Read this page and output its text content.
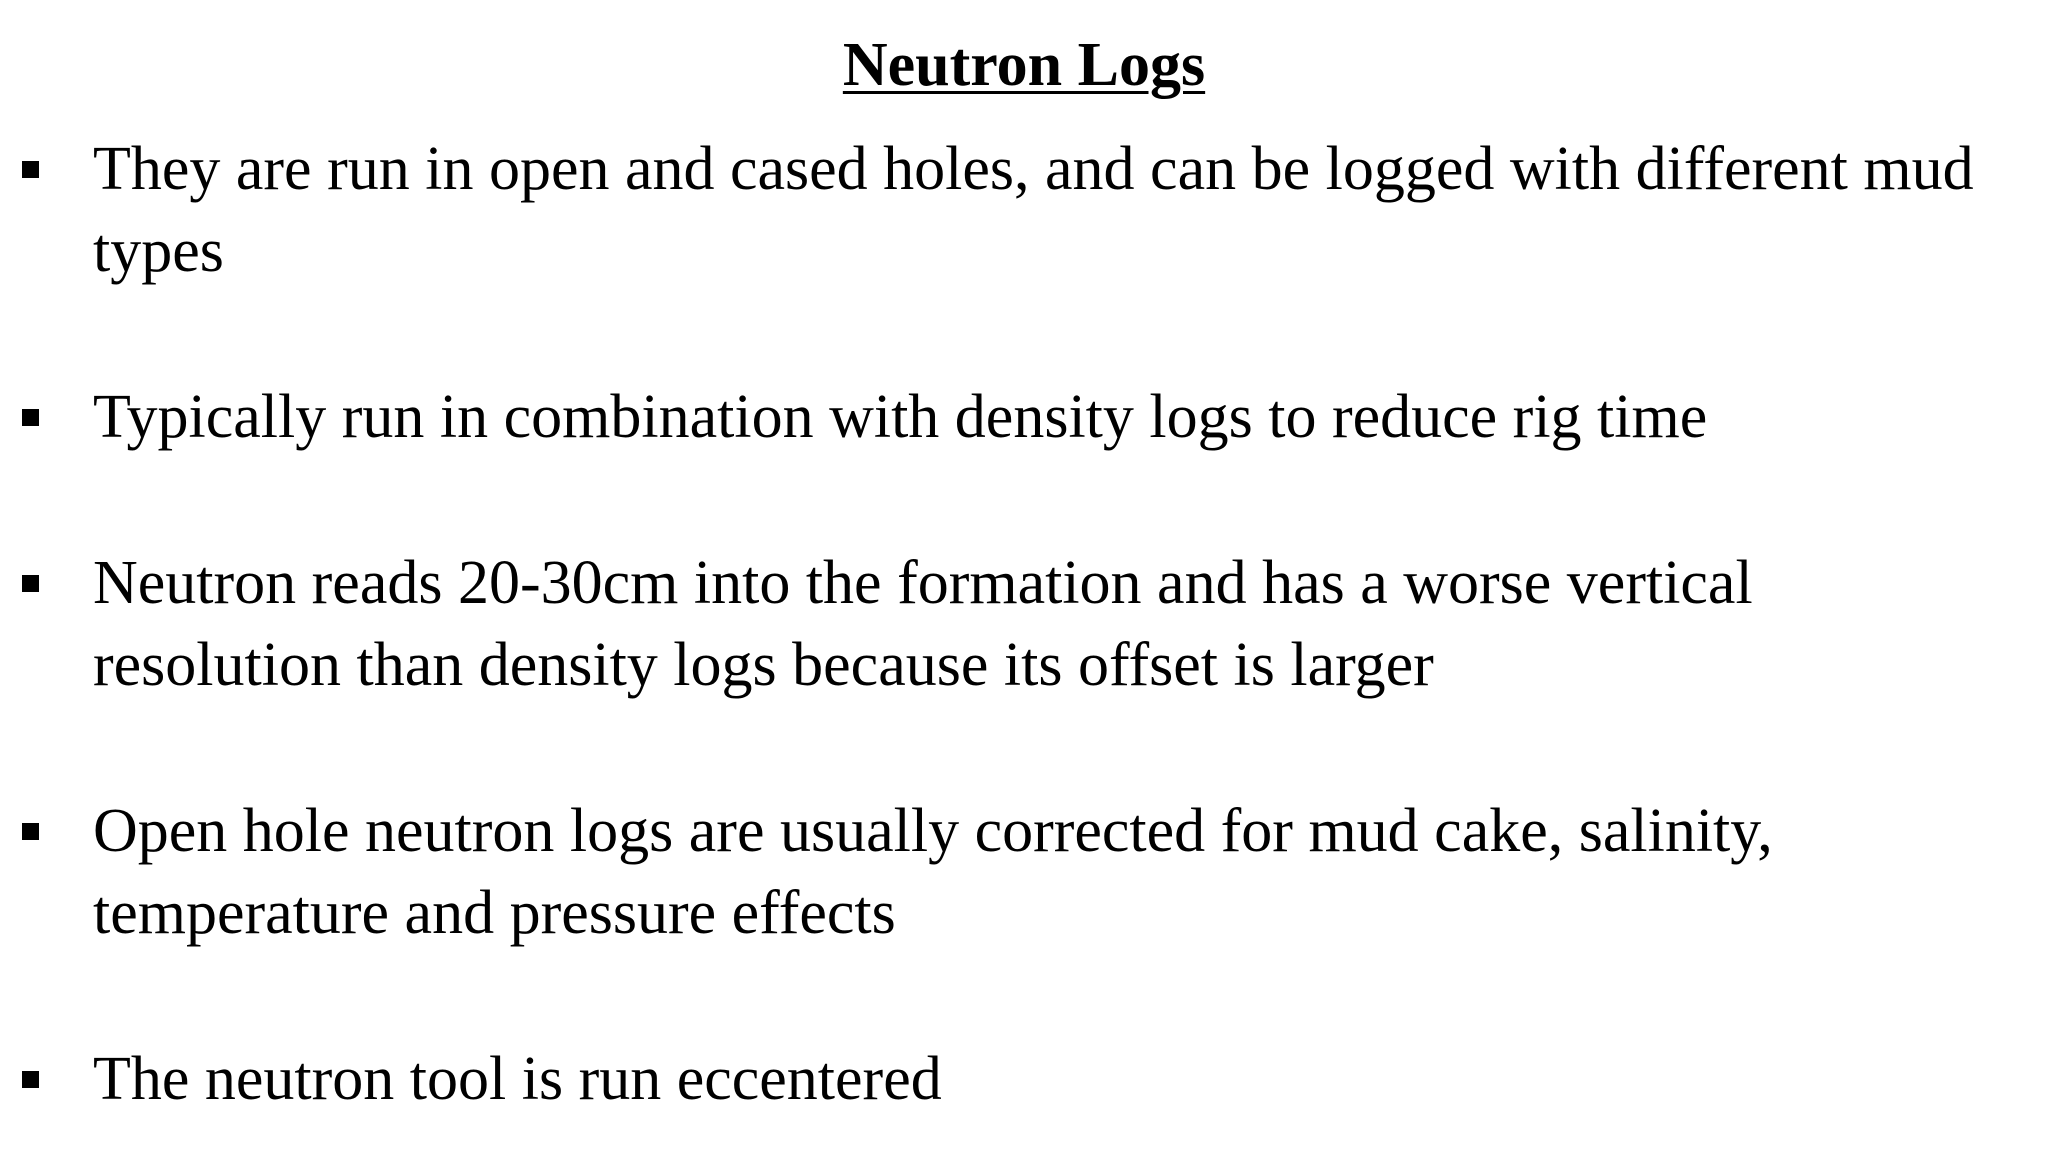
Neutron Logs
They are run in open and cased holes, and can be logged with different mud types
Typically run in combination with density logs to reduce rig time
Neutron reads 20-30cm into the formation and has a worse vertical resolution than density logs because its offset is larger
Open hole neutron logs are usually corrected for mud cake, salinity, temperature and pressure effects
The neutron tool is run eccentered
